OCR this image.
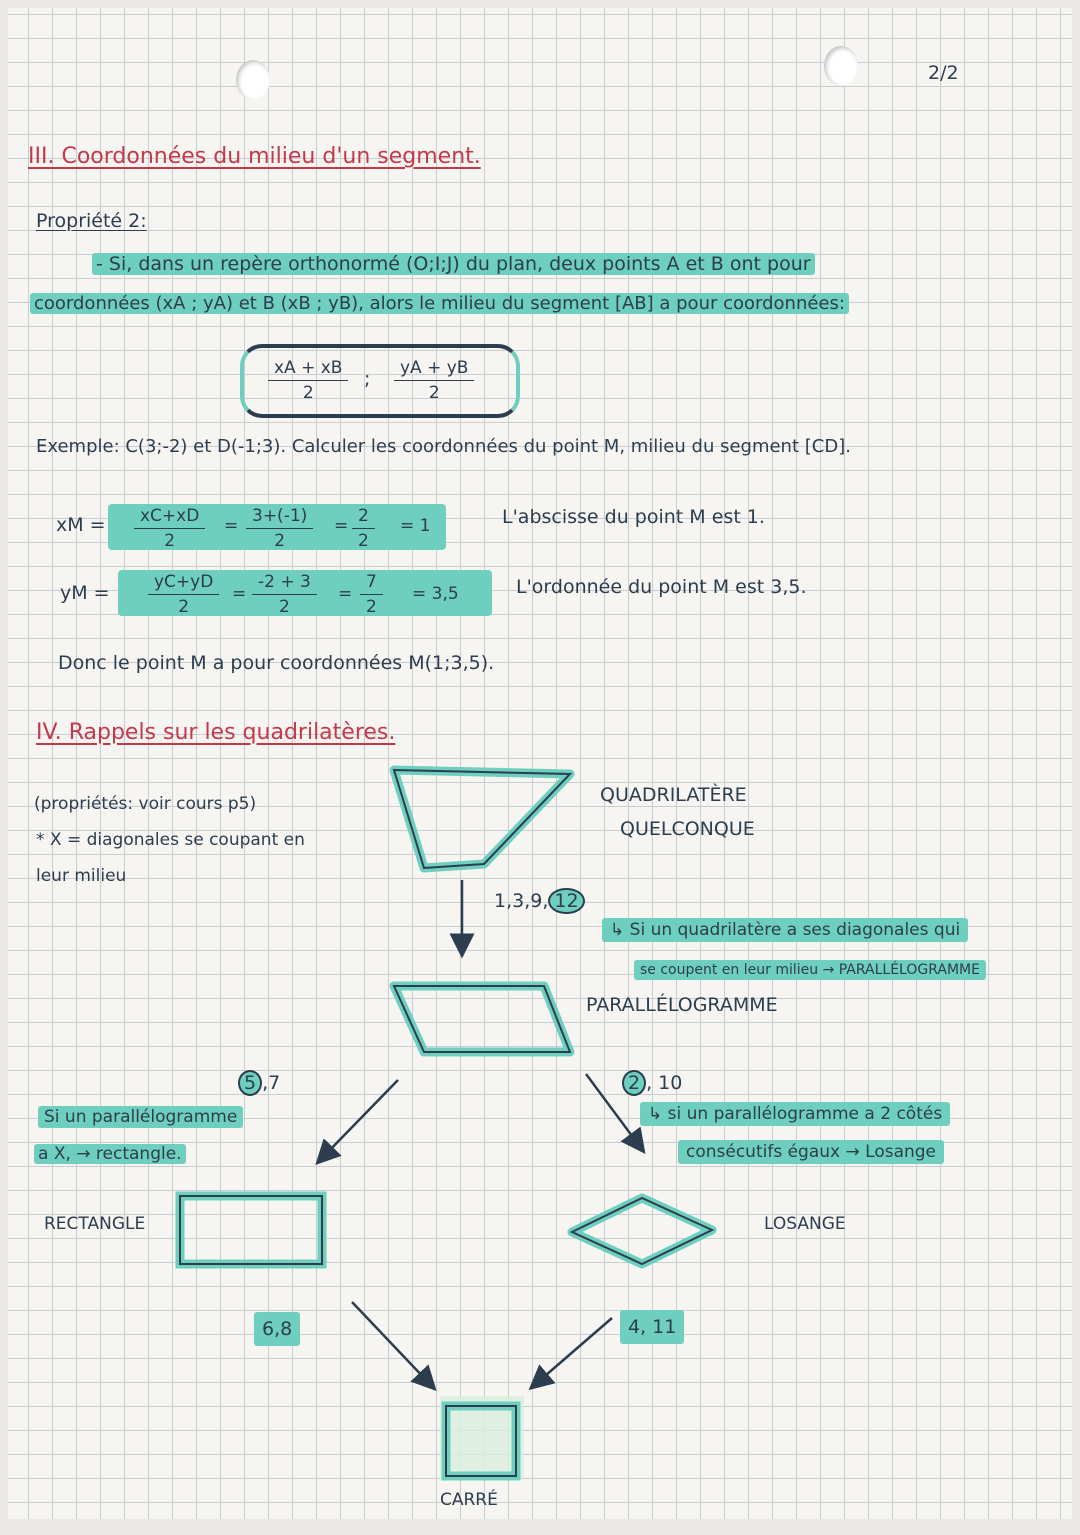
2/2
III. Coordonnées du milieu d'un segment.
Propriété 2:
- Si, dans un repère orthonormé (O;I;J) du plan, deux points A et B ont pour
coordonnées (xA ; yA) et B (xB ; yB), alors le milieu du segment [AB] a pour coordonnées:
$\frac{xA + xB}{2}$ ; $\frac{yA + yB}{2}$
Exemple: C(3;-2) et D(-1;3). Calculer les coordonnées du point M, milieu du segment [CD].
xM = $\frac{xC+xD}{2} = \frac{3+(-1)}{2} = \frac{2}{2} = 1$	L'abscisse du point M est 1.
yM = $\frac{yC+yD}{2} = \frac{-2 + 3}{2} = \frac{7}{2} = 3,5$	L'ordonnée du point M est 3,5.
Donc le point M a pour coordonnées M(1;3,5).
IV. Rappels sur les quadrilatères.
(propriétés: voir cours p5)
* X = diagonales se coupant en
leur milieu
QUADRILATÈRE
QUELCONQUE
1,3,9, 12
↳ Si un quadrilatère a ses diagonales qui
se coupent en leur milieu → PARALLÉLOGRAMME
PARALLÉLOGRAMME
5 ,7
Si un parallélogramme
a X, → rectangle.
2 , 10
↳ si un parallélogramme a 2 côtés
consécutifs égaux → Losange
RECTANGLE	LOSANGE
6,8	4, 11
CARRÉ
